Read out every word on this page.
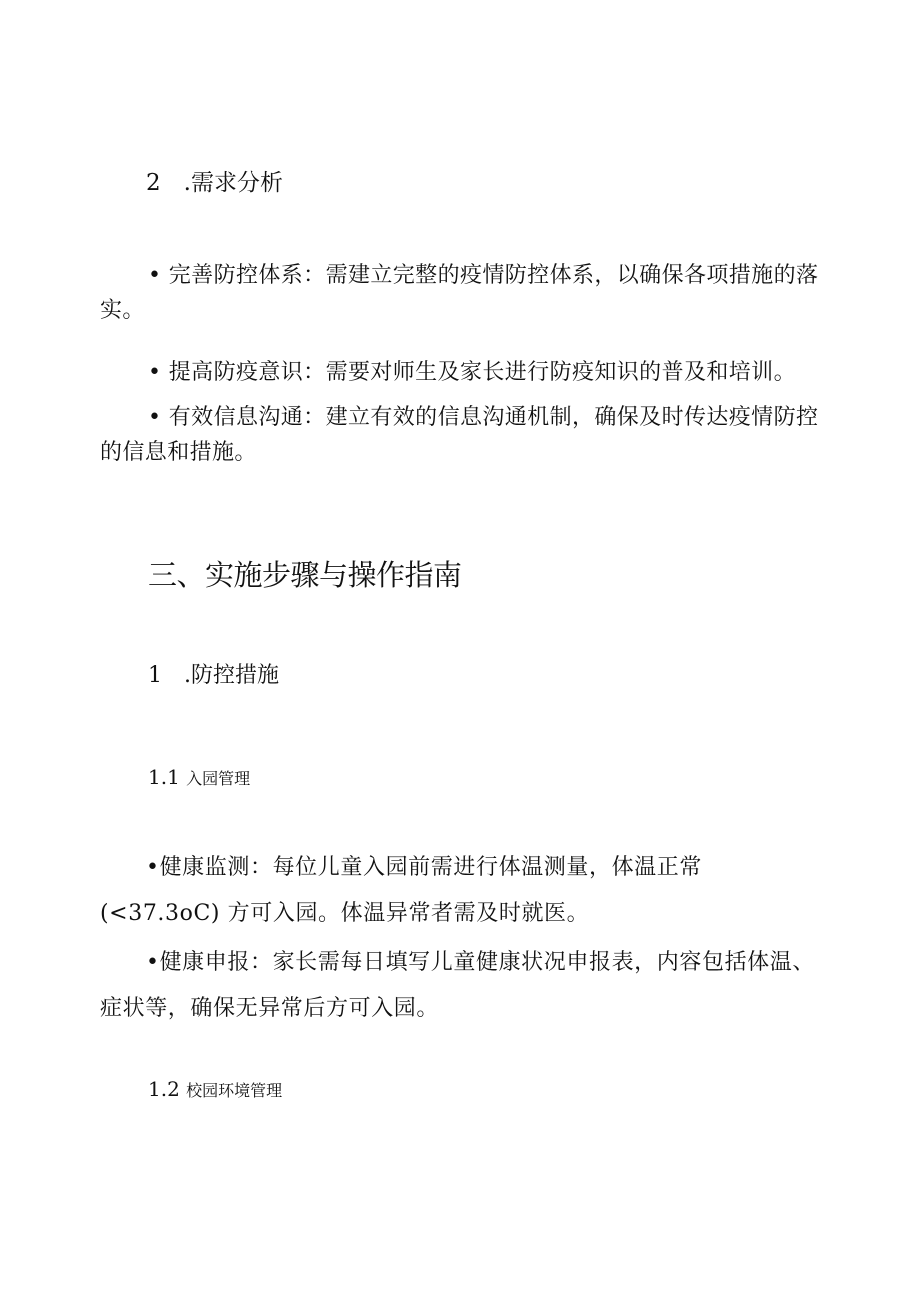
2　.需求分析

• 完善防控体系：需建立完整的疫情防控体系，以确保各项措施的落实。

• 提高防疫意识：需要对师生及家长进行防疫知识的普及和培训。

• 有效信息沟通：建立有效的信息沟通机制，确保及时传达疫情防控的信息和措施。

三、实施步骤与操作指南
1　.防控措施
1.1 入园管理

•健康监测：每位儿童入园前需进行体温测量，体温正常(<37.3oC) 方可入园。体温异常者需及时就医。

•健康申报：家长需每日填写儿童健康状况申报表，内容包括体温、症状等，确保无异常后方可入园。

1.2 校园环境管理
